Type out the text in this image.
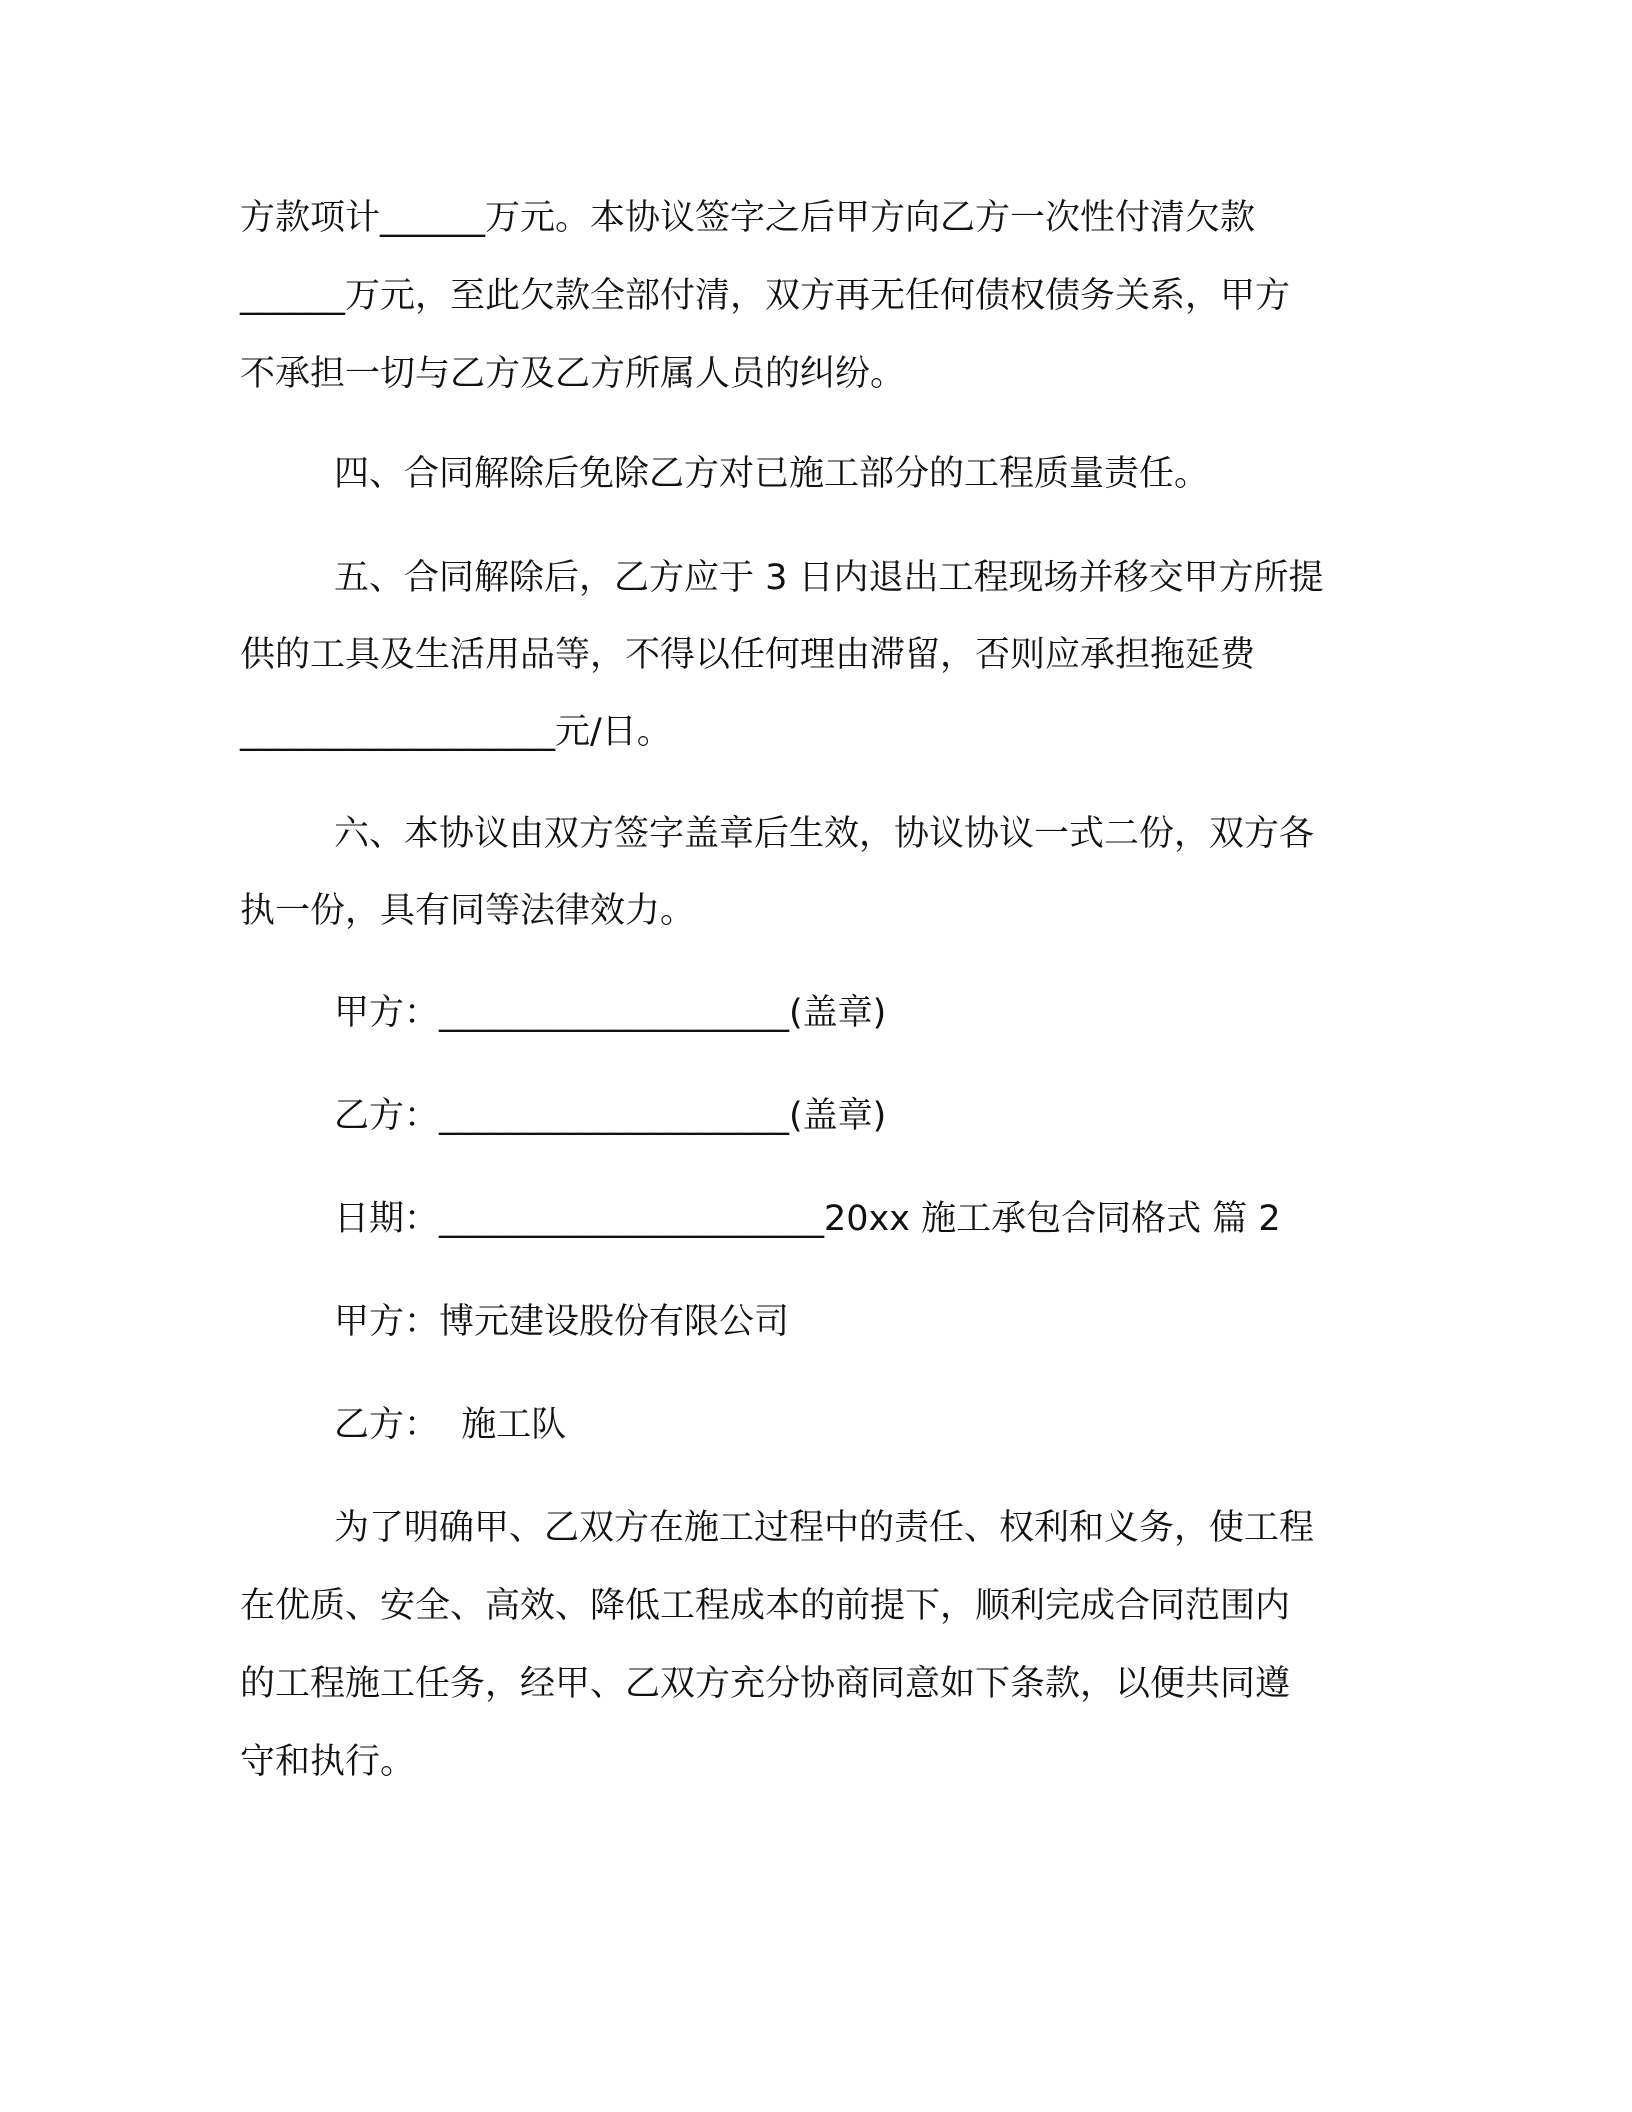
方款项计______万元。本协议签字之后甲方向乙方一次性付清欠款
______万元，至此欠款全部付清，双方再无任何债权债务关系，甲方
不承担一切与乙方及乙方所属人员的纠纷。
四、合同解除后免除乙方对已施工部分的工程质量责任。
五、合同解除后，乙方应于 3 日内退出工程现场并移交甲方所提
供的工具及生活用品等，不得以任何理由滞留，否则应承担拖延费
__________________元/日。
六、本协议由双方签字盖章后生效，协议协议一式二份，双方各
执一份，具有同等法律效力。
甲方：____________________(盖章)
乙方：____________________(盖章)
日期：______________________20xx 施工承包合同格式 篇 2
甲方：博元建设股份有限公司
乙方：  施工队
为了明确甲、乙双方在施工过程中的责任、权利和义务，使工程
在优质、安全、高效、降低工程成本的前提下，顺利完成合同范围内
的工程施工任务，经甲、乙双方充分协商同意如下条款，以便共同遵
守和执行。
